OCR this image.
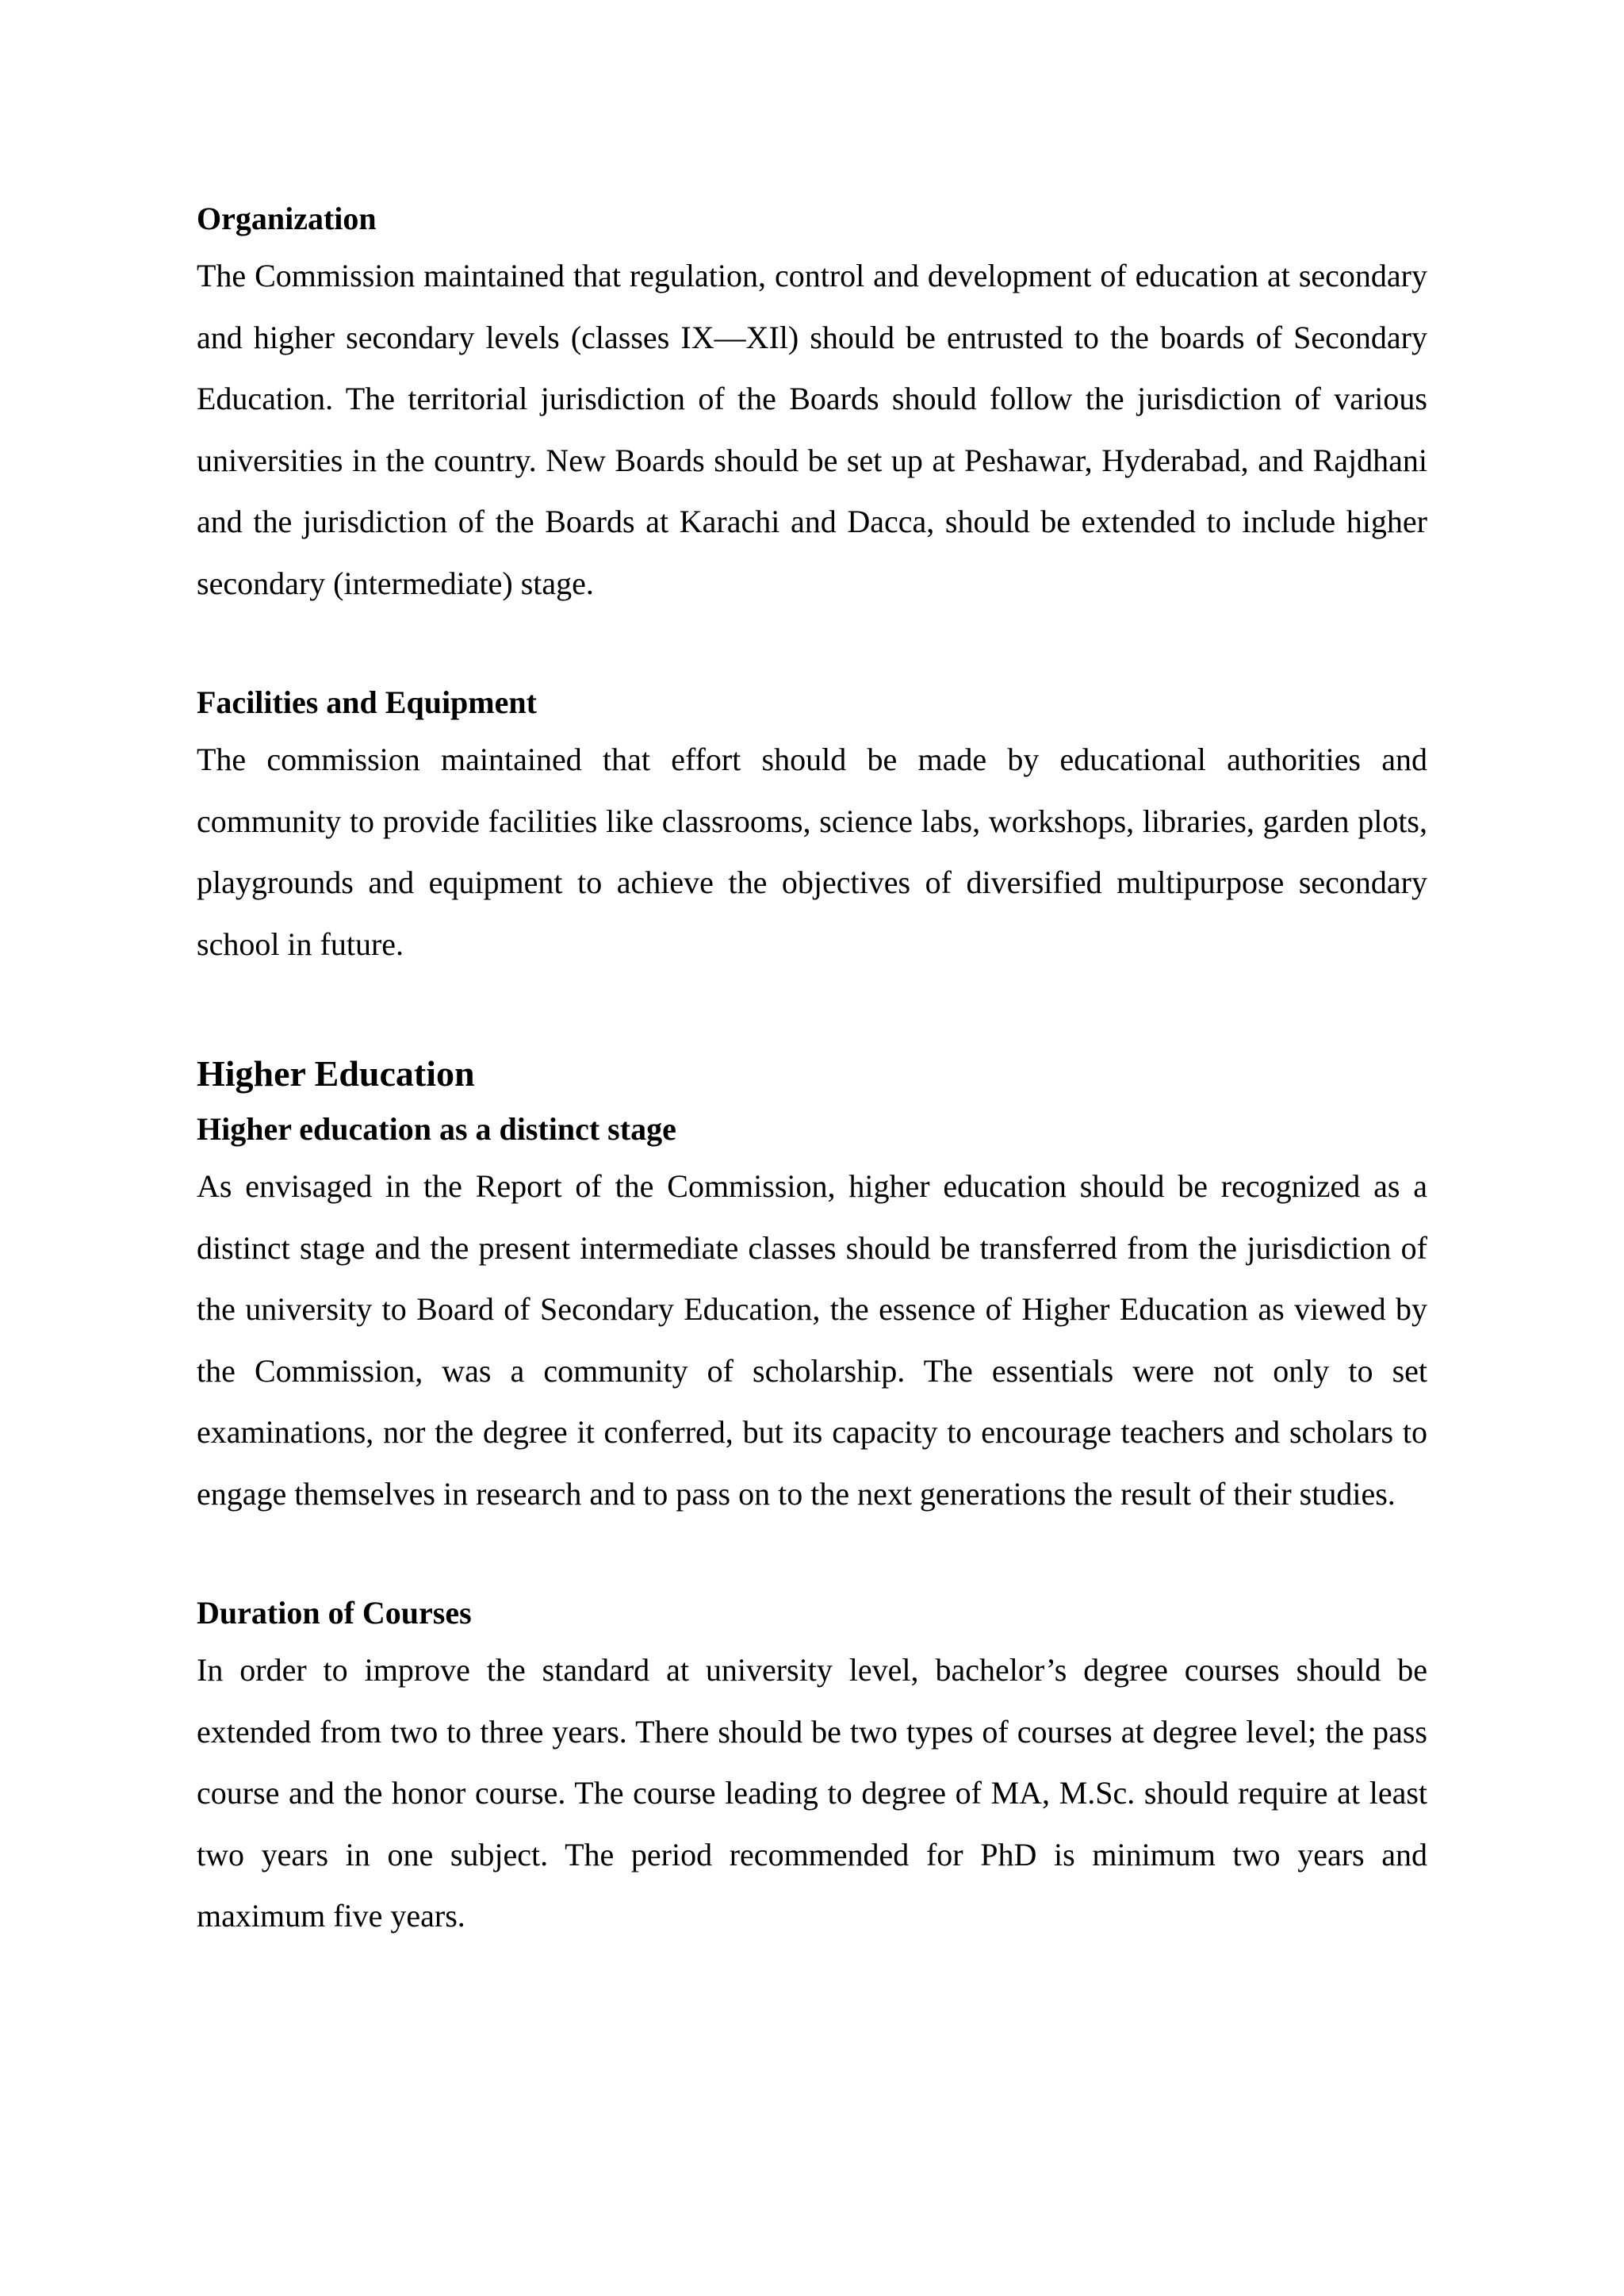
Organization

The Commission maintained that regulation, control and development of education at secondary and higher secondary levels (classes IX—XIl) should be entrusted to the boards of Secondary Education. The territorial jurisdiction of the Boards should follow the jurisdiction of various universities in the country. New Boards should be set up at Peshawar, Hyderabad, and Rajdhani and the jurisdiction of the Boards at Karachi and Dacca, should be extended to include higher secondary (intermediate) stage.

Facilities and Equipment

The commission maintained that effort should be made by educational authorities and community to provide facilities like classrooms, science labs, workshops, libraries, garden plots, playgrounds and equipment to achieve the objectives of diversified multipurpose secondary school in future.

Higher Education
Higher education as a distinct stage

As envisaged in the Report of the Commission, higher education should be recognized as a distinct stage and the present intermediate classes should be transferred from the jurisdiction of the university to Board of Secondary Education, the essence of Higher Education as viewed by the Commission, was a community of scholarship. The essentials were not only to set examinations, nor the degree it conferred, but its capacity to encourage teachers and scholars to engage themselves in research and to pass on to the next generations the result of their studies.

Duration of Courses

In order to improve the standard at university level, bachelor’s degree courses should be extended from two to three years. There should be two types of courses at degree level; the pass course and the honor course. The course leading to degree of MA, M.Sc. should require at least two years in one subject. The period recommended for PhD is minimum two years and maximum five years.
